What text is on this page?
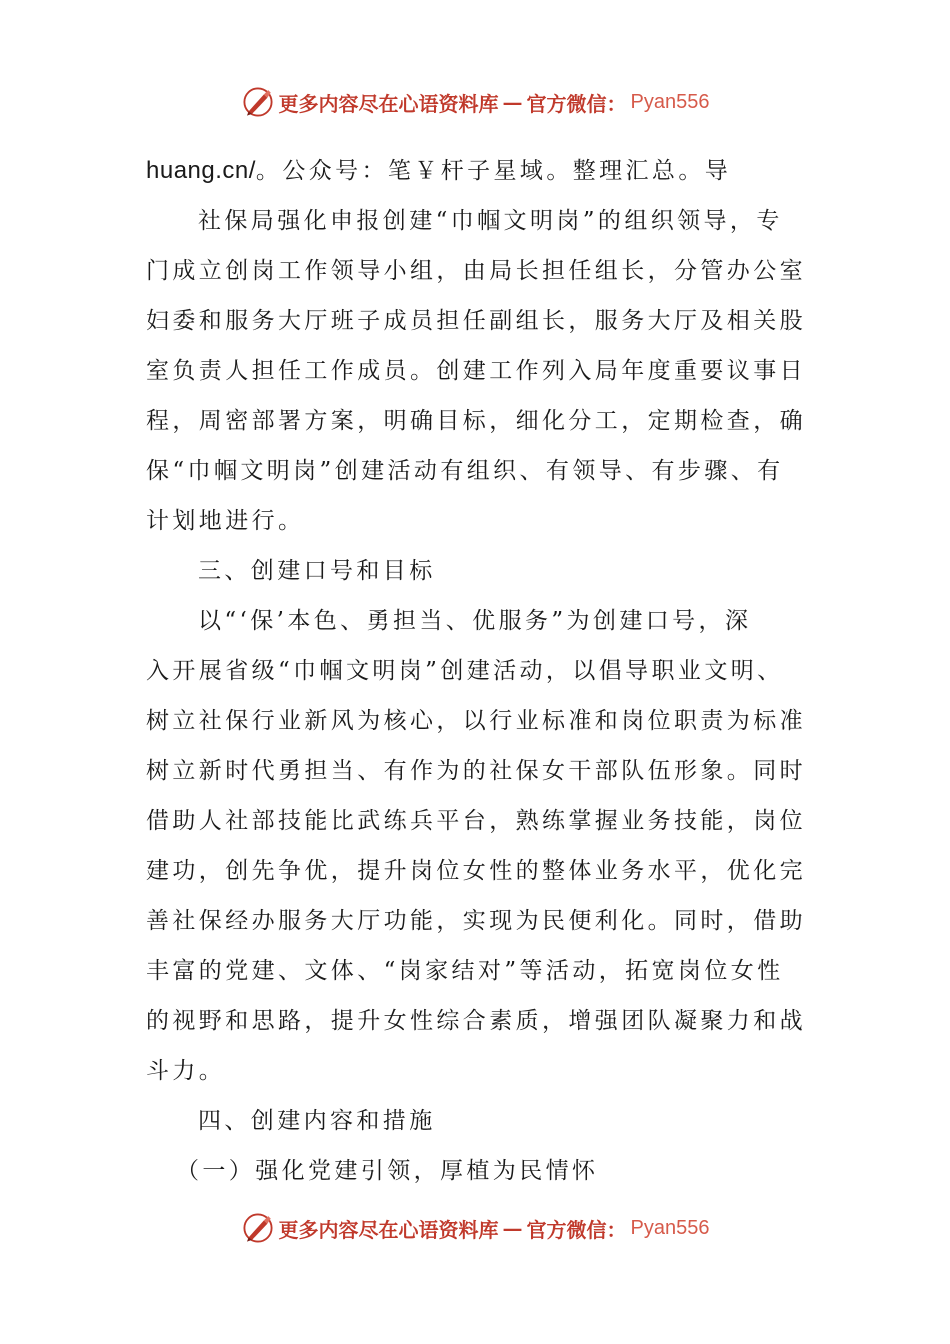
更多内容尽在心语资料库 — 官方微信： Pyan556
huang.cn/。公众号：笔￥杆子星域。整理汇总。导
社保局强化申报创建“巾帼文明岗”的组织领导，专
门成立创岗工作领导小组，由局长担任组长，分管办公室
妇委和服务大厅班子成员担任副组长，服务大厅及相关股
室负责人担任工作成员。创建工作列入局年度重要议事日
程，周密部署方案，明确目标，细化分工，定期检查，确
保“巾帼文明岗”创建活动有组织、有领导、有步骤、有
计划地进行。
三、创建口号和目标
以“‘保’本色、勇担当、优服务”为创建口号，深
入开展省级“巾帼文明岗”创建活动，以倡导职业文明、
树立社保行业新风为核心，以行业标准和岗位职责为标准
树立新时代勇担当、有作为的社保女干部队伍形象。同时
借助人社部技能比武练兵平台，熟练掌握业务技能，岗位
建功，创先争优，提升岗位女性的整体业务水平，优化完
善社保经办服务大厅功能，实现为民便利化。同时，借助
丰富的党建、文体、“岗家结对”等活动，拓宽岗位女性
的视野和思路，提升女性综合素质，增强团队凝聚力和战
斗力。
四、创建内容和措施
（一）强化党建引领，厚植为民情怀
更多内容尽在心语资料库 — 官方微信： Pyan556
